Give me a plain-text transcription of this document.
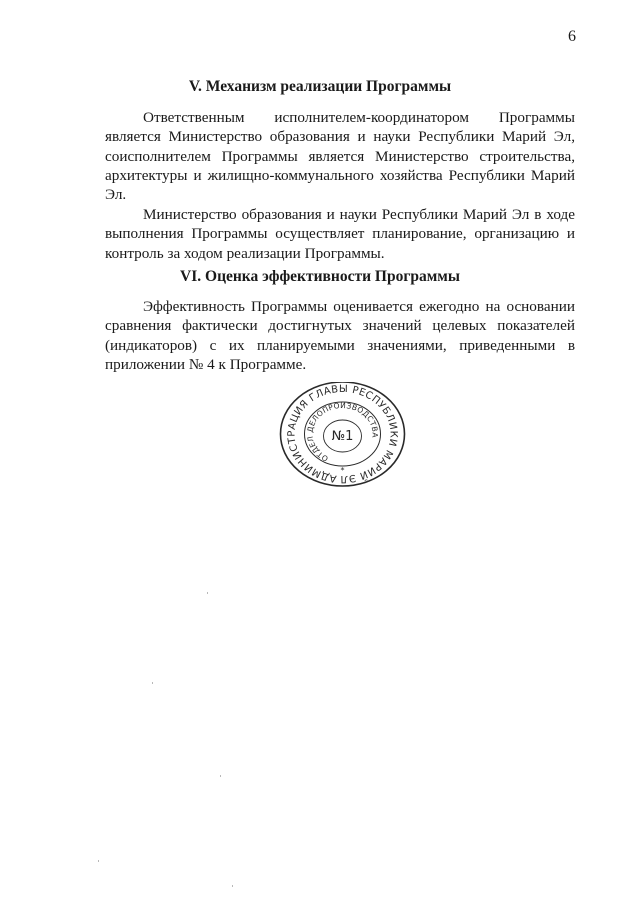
6
V. Механизм реализации Программы

Ответственным исполнителем-координатором Программы является Министерство образования и науки Республики Марий Эл, соисполнителем Программы является Министерство строительства, архитектуры и жилищно-коммунального хозяйства Республики Марий Эл.

Министерство образования и науки Республики Марий Эл в ходе выполнения Программы осуществляет планирование, организацию и контроль за ходом реализации Программы.

VI. Оценка эффективности Программы

Эффективность Программы оценивается ежегодно на основании сравнения фактически достигнутых значений целевых показателей (индикаторов) с их планируемыми значениями, приведенными в приложении № 4 к Программе.

АДМИНИСТРАЦИЯ ГЛАВЫ РЕСПУБЛИКИ МАРИЙ ЭЛ
ОТДЕЛ ДЕЛОПРОИЗВОДСТВА
№1
*
